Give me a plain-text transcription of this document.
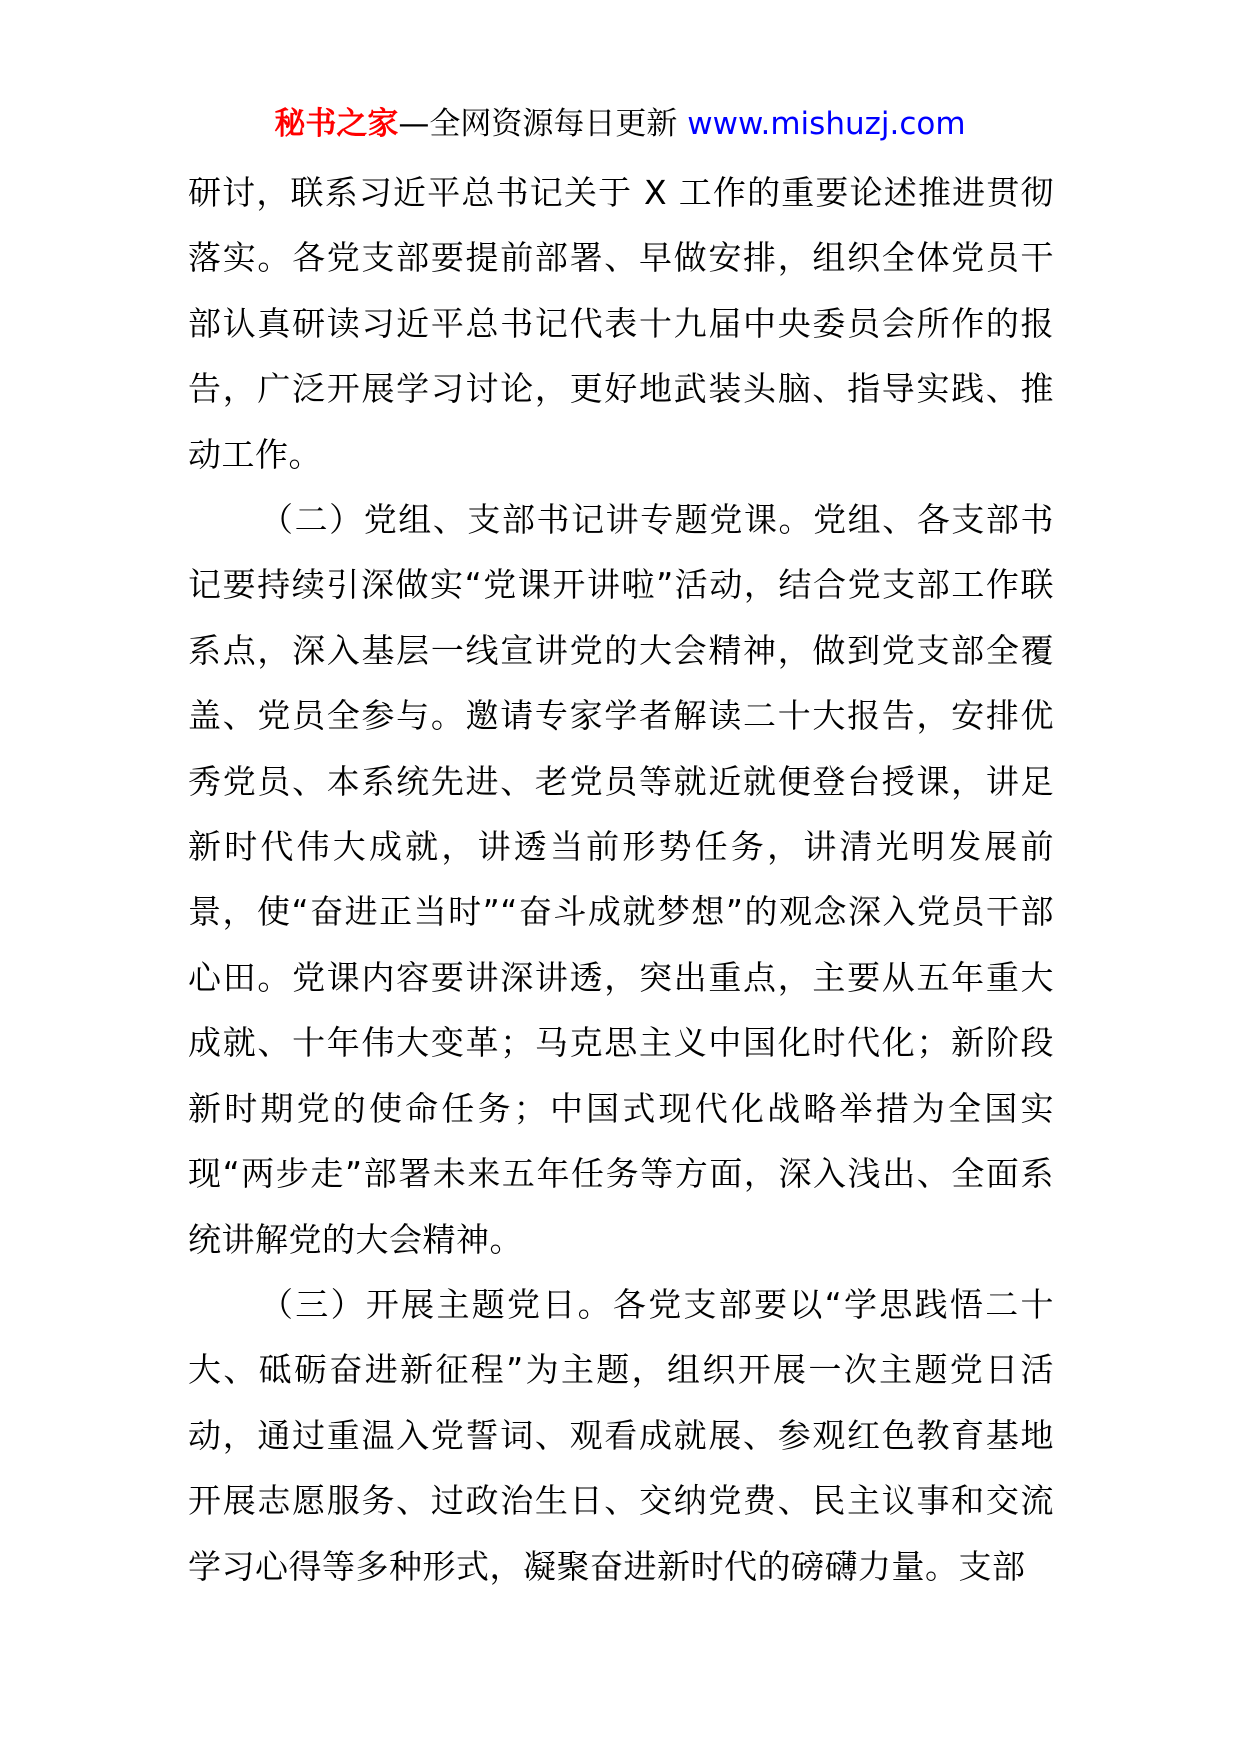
秘书之家—全网资源每日更新 www.mishuzj.com

研讨，联系习近平总书记关于 X 工作的重要论述推进贯彻落实。各党支部要提前部署、早做安排，组织全体党员干部认真研读习近平总书记代表十九届中央委员会所作的报告，广泛开展学习讨论，更好地武装头脑、指导实践、推动工作。

（二）党组、支部书记讲专题党课。党组、各支部书记要持续引深做实“党课开讲啦”活动，结合党支部工作联系点，深入基层一线宣讲党的大会精神，做到党支部全覆盖、党员全参与。邀请专家学者解读二十大报告，安排优秀党员、本系统先进、老党员等就近就便登台授课，讲足新时代伟大成就，讲透当前形势任务，讲清光明发展前景，使“奋进正当时”“奋斗成就梦想”的观念深入党员干部心田。党课内容要讲深讲透，突出重点，主要从五年重大成就、十年伟大变革；马克思主义中国化时代化；新阶段新时期党的使命任务；中国式现代化战略举措为全国实现“两步走”部署未来五年任务等方面，深入浅出、全面系统讲解党的大会精神。

（三）开展主题党日。各党支部要以“学思践悟二十大、砥砺奋进新征程”为主题，组织开展一次主题党日活动，通过重温入党誓词、观看成就展、参观红色教育基地开展志愿服务、过政治生日、交纳党费、民主议事和交流学习心得等多种形式，凝聚奋进新时代的磅礴力量。支部
